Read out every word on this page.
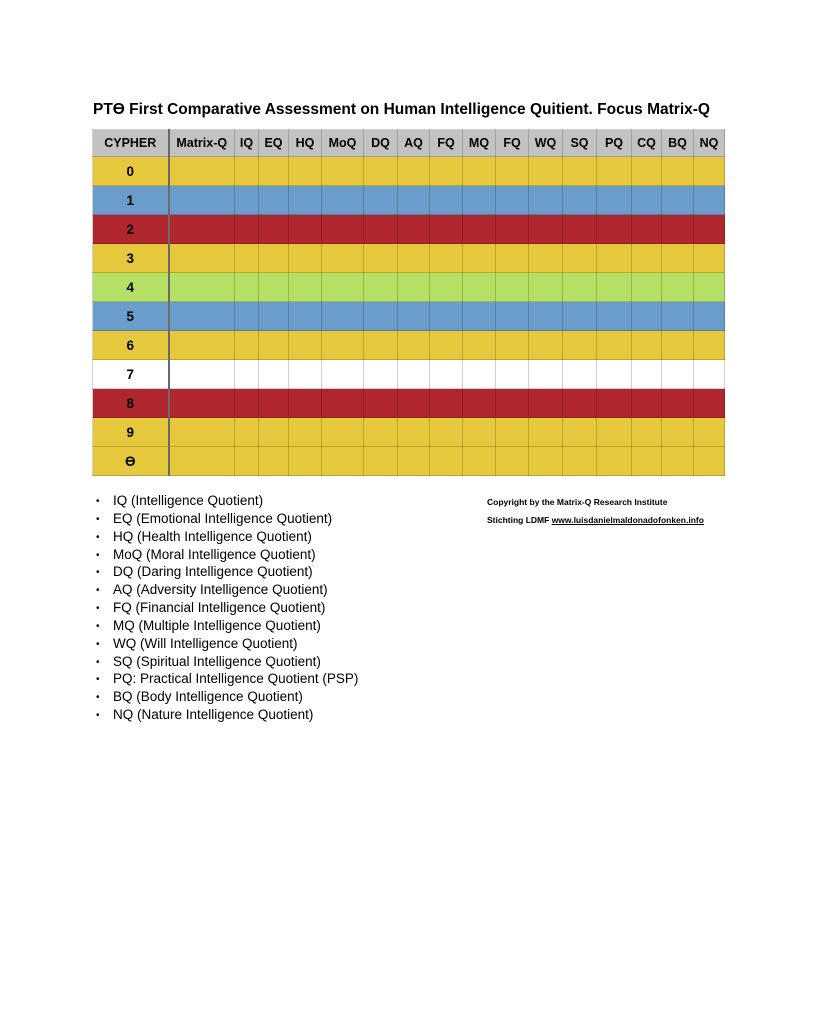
PTϴ First Comparative Assessment on Human Intelligence Quitient. Focus Matrix-Q
CYPHER	Matrix-Q	IQ	EQ	HQ	MoQ	DQ	AQ	FQ	MQ	FQ	WQ	SQ	PQ	CQ	BQ	NQ
0																
1																
2																
3																
4																
5																
6																
7																
8																
9																
ϴ																
• IQ (Intelligence Quotient)
• EQ (Emotional Intelligence Quotient)
• HQ (Health Intelligence Quotient)
• MoQ (Moral Intelligence Quotient)
• DQ (Daring Intelligence Quotient)
• AQ (Adversity Intelligence Quotient)
• FQ (Financial Intelligence Quotient)
• MQ (Multiple Intelligence Quotient)
• WQ (Will Intelligence Quotient)
• SQ (Spiritual Intelligence Quotient)
• PQ: Practical Intelligence Quotient (PSP)
• BQ (Body Intelligence Quotient)
• NQ (Nature Intelligence Quotient)
Copyright by the Matrix-Q Research Institute
Stichting LDMF www.luisdanielmaldonadofonken.info
